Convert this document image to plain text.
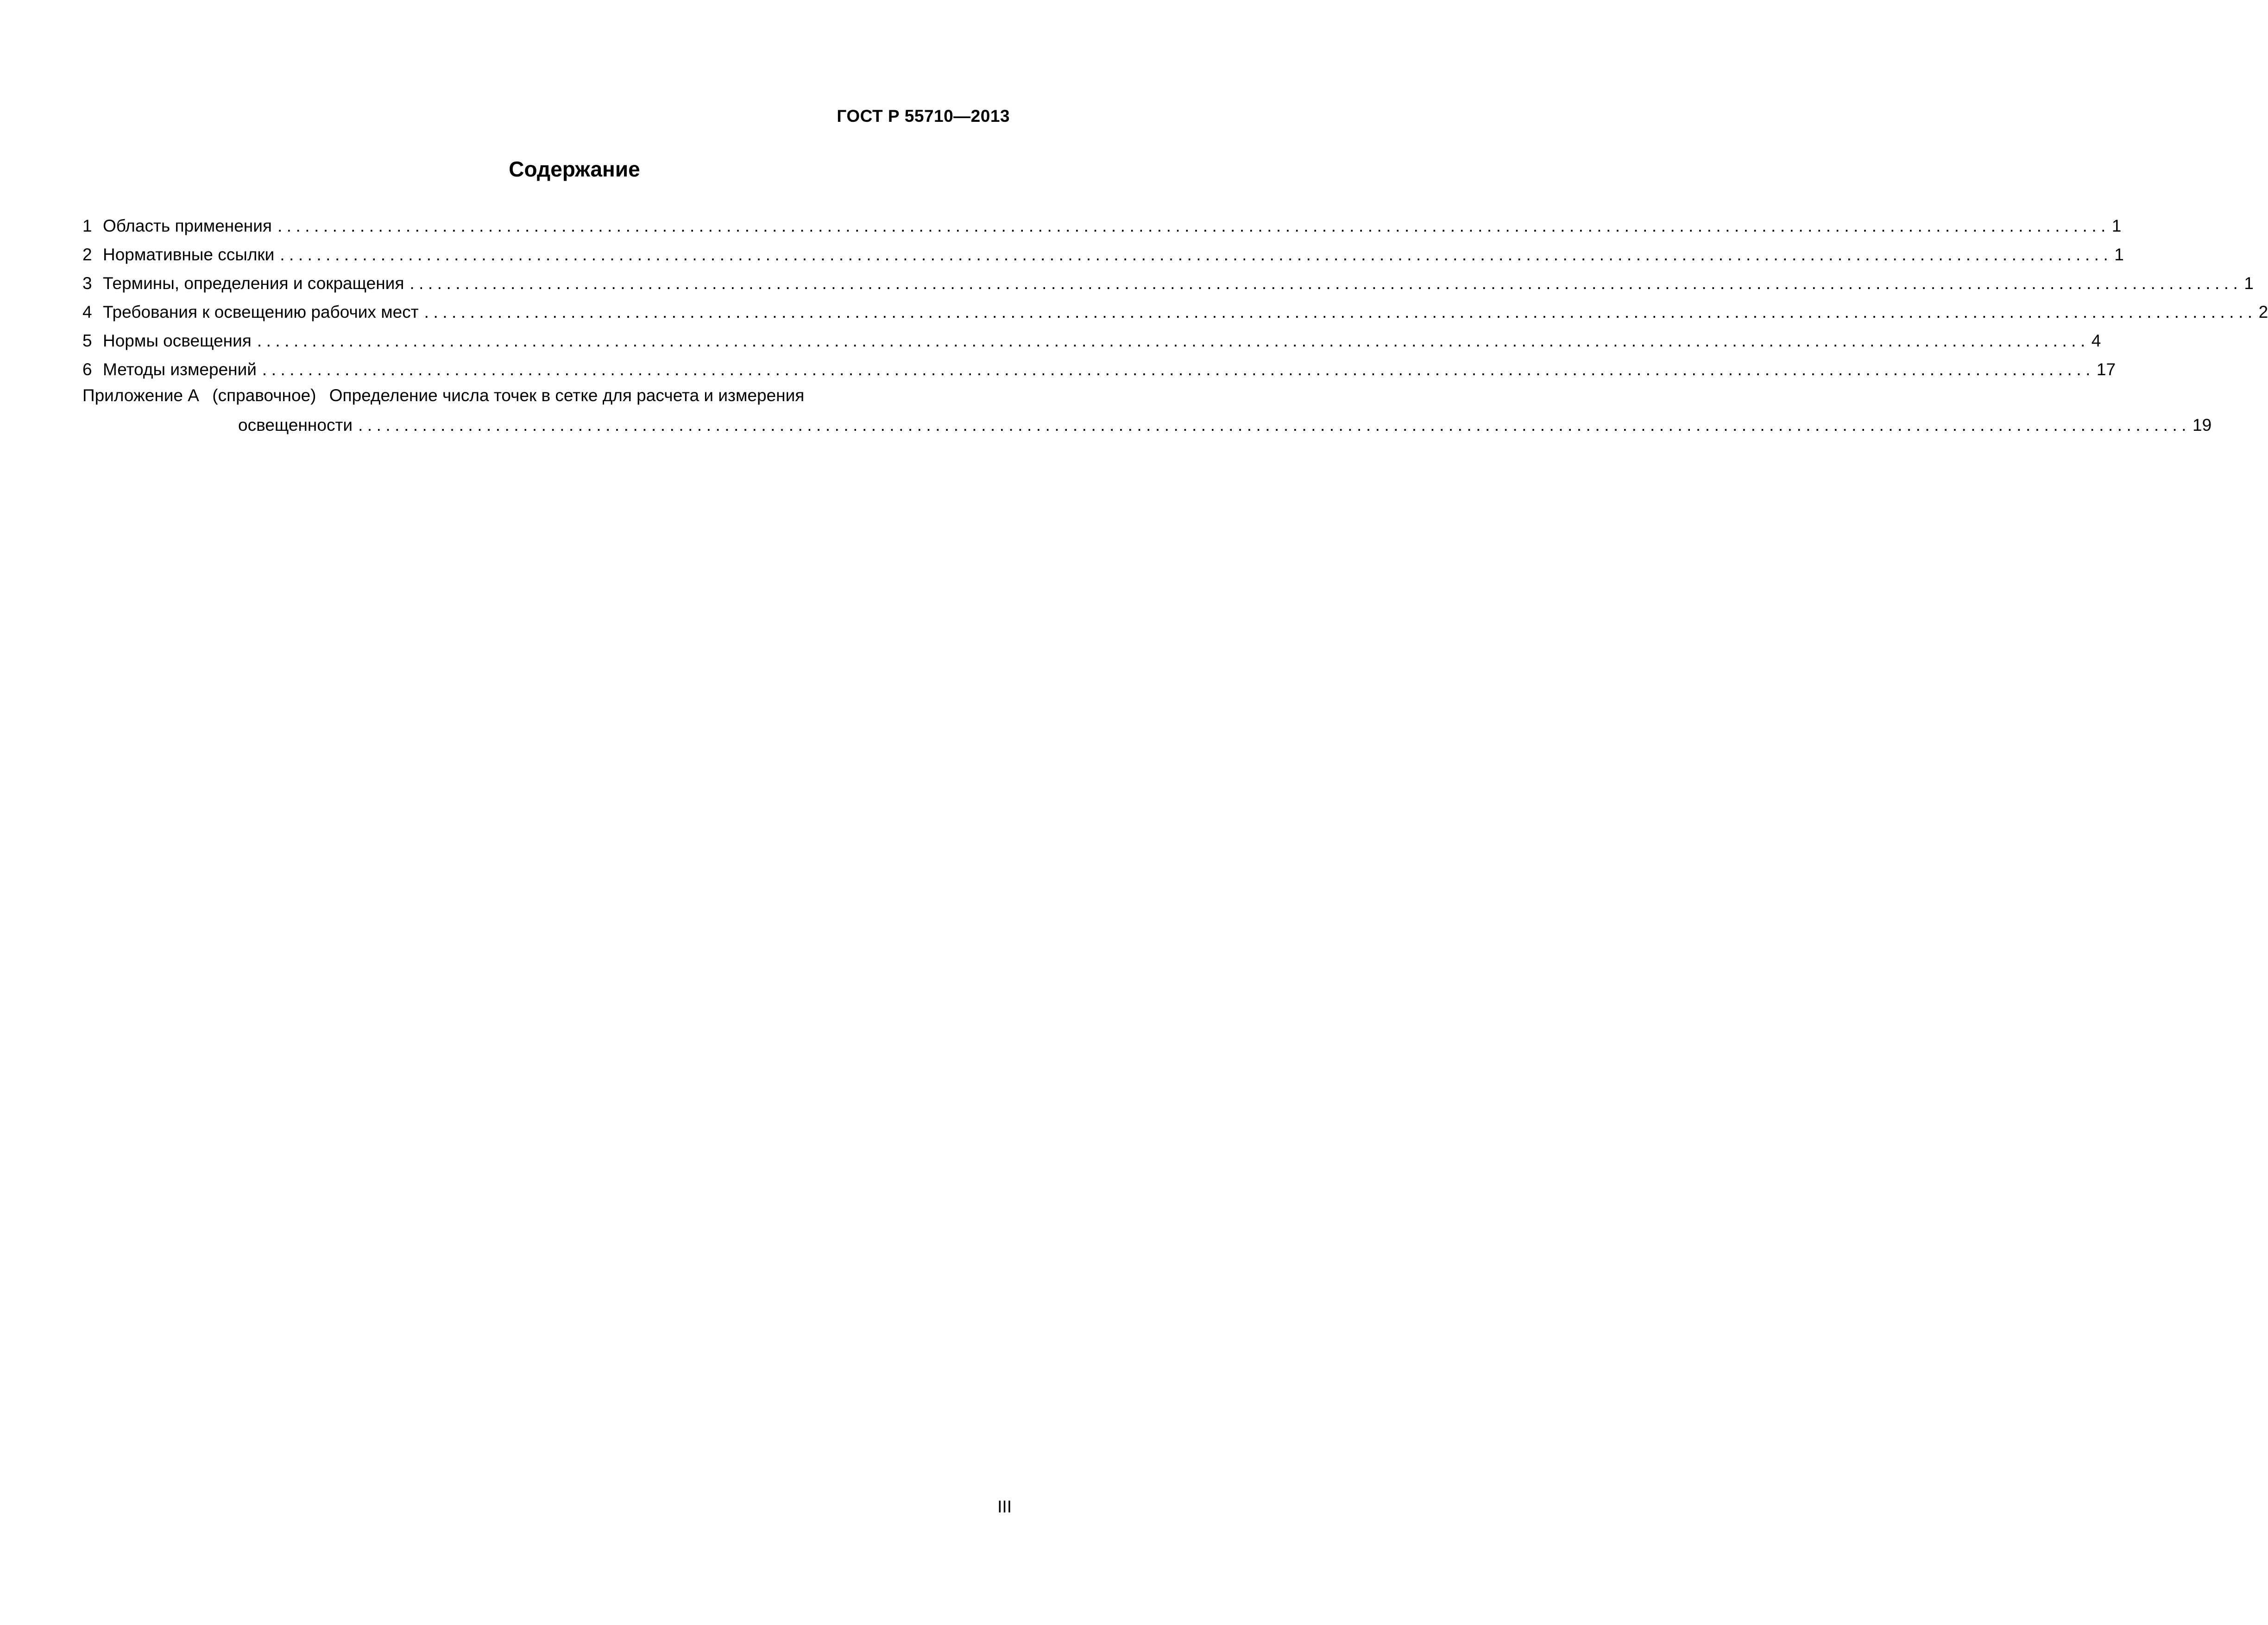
ГОСТ Р 55710—2013
Содержание
1 Область применения ........................................................................................................................................................................................................ 1
2 Нормативные ссылки ........................................................................................................................................................................................................ 1
3 Термины, определения и сокращения ........................................................................................................................................................................................................ 1
4 Требования к освещению рабочих мест ........................................................................................................................................................................................................ 2
5 Нормы освещения ........................................................................................................................................................................................................ 4
6 Методы измерений ........................................................................................................................................................................................................ 17
Приложение А (справочное) Определение числа точек в сетке для расчета и измерения
освещенности ........................................................................................................................................................................................................ 19
III
